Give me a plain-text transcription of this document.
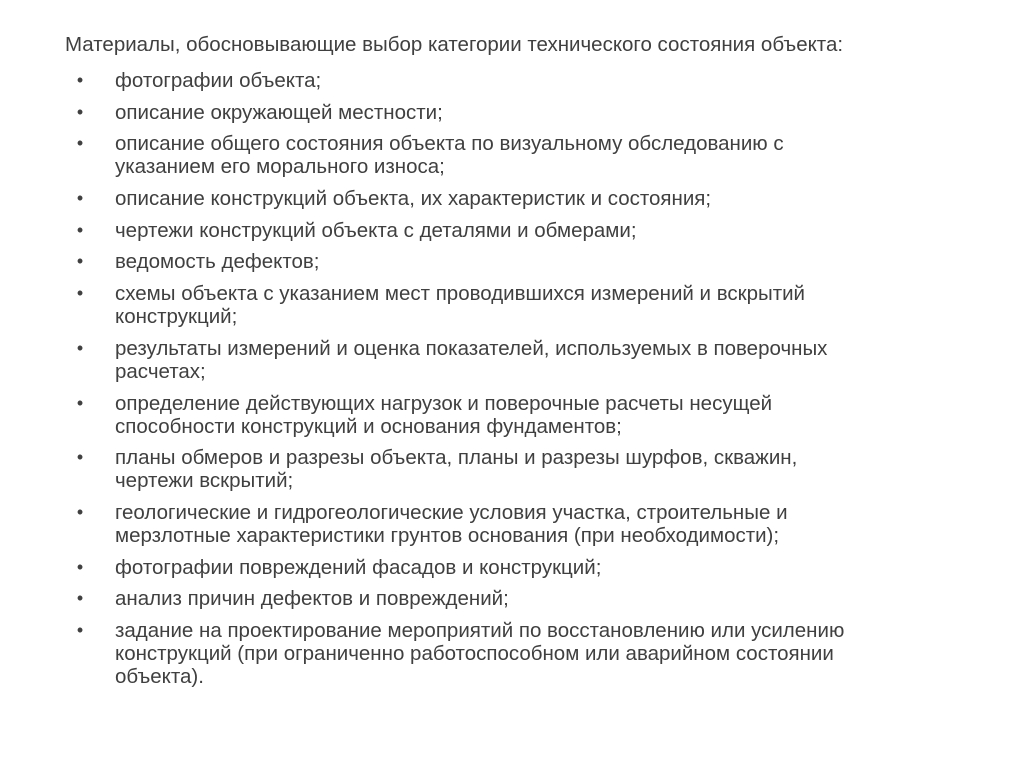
Материалы, обосновывающие выбор категории технического состояния объекта:
• фотографии объекта;
• описание окружающей местности;
• описание общего состояния объекта по визуальному обследованию с
указанием его морального износа;
• описание конструкций объекта, их характеристик и состояния;
• чертежи конструкций объекта с деталями и обмерами;
• ведомость дефектов;
• схемы объекта с указанием мест проводившихся измерений и вскрытий
конструкций;
• результаты измерений и оценка показателей, используемых в поверочных
расчетах;
• определение действующих нагрузок и поверочные расчеты несущей
способности конструкций и основания фундаментов;
• планы обмеров и разрезы объекта, планы и разрезы шурфов, скважин,
чертежи вскрытий;
• геологические и гидрогеологические условия участка, строительные и
мерзлотные характеристики грунтов основания (при необходимости);
• фотографии повреждений фасадов и конструкций;
• анализ причин дефектов и повреждений;
• задание на проектирование мероприятий по восстановлению или усилению
конструкций (при ограниченно работоспособном или аварийном состоянии
объекта).
